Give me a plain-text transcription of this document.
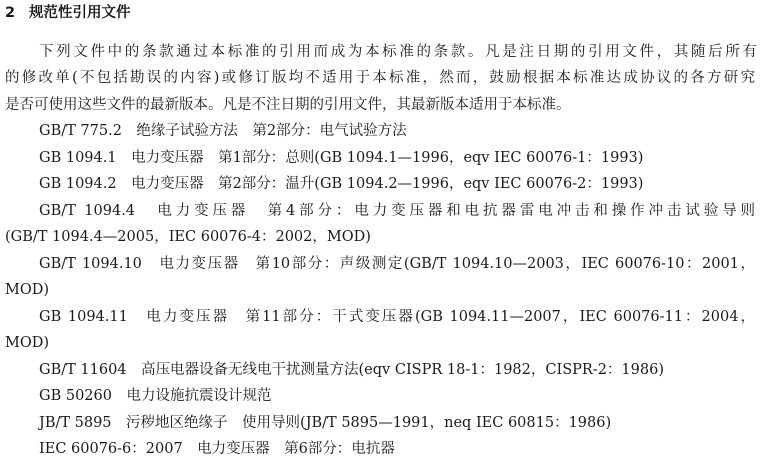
2 规范性引用文件
下列文件中的条款通过本标准的引用而成为本标准的条款。凡是注日期的引用文件，其随后所有
的修改单(不包括勘误的内容)或修订版均不适用于本标准，然而，鼓励根据本标准达成协议的各方研究
是否可使用这些文件的最新版本。凡是不注日期的引用文件，其最新版本适用于本标准。
GB/T 775.2　绝缘子试验方法　第2部分：电气试验方法
GB 1094.1　电力变压器　第1部分：总则(GB 1094.1—1996，eqv IEC 60076-1：1993)
GB 1094.2　电力变压器　第2部分：温升(GB 1094.2—1996，eqv IEC 60076-2：1993)
GB/T 1094.4　电力变压器　第4部分：电力变压器和电抗器雷电冲击和操作冲击试验导则
(GB/T 1094.4—2005，IEC 60076-4：2002，MOD)
GB/T 1094.10　电力变压器　第10部分：声级测定(GB/T 1094.10—2003，IEC 60076-10：2001，
MOD)
GB 1094.11　电力变压器　第11部分：干式变压器(GB 1094.11—2007，IEC 60076-11：2004，
MOD)
GB/T 11604　高压电器设备无线电干扰测量方法(eqv CISPR 18-1：1982，CISPR-2：1986)
GB 50260　电力设施抗震设计规范
JB/T 5895　污秽地区绝缘子　使用导则(JB/T 5895—1991，neq IEC 60815：1986)
IEC 60076-6：2007　电力变压器　第6部分：电抗器
